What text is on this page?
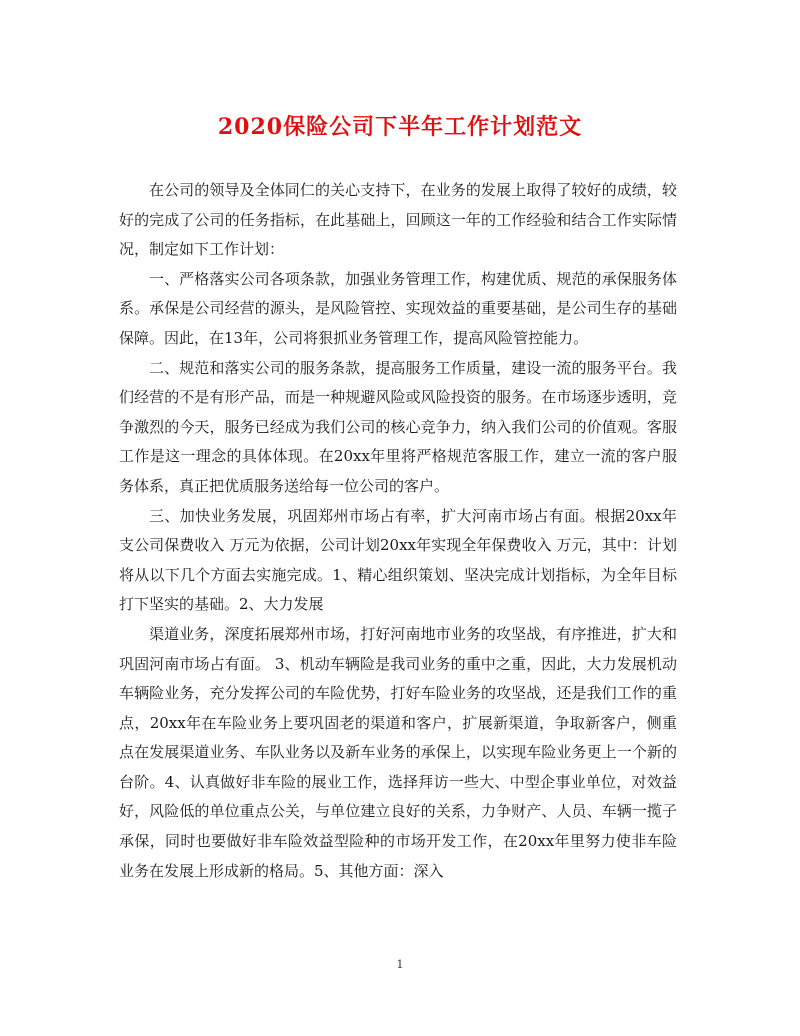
2020保险公司下半年工作计划范文

在公司的领导及全体同仁的关心支持下，在业务的发展上取得了较好的成绩，较好的完成了公司的任务指标，在此基础上，回顾这一年的工作经验和结合工作实际情况，制定如下工作计划：

一、严格落实公司各项条款，加强业务管理工作，构建优质、规范的承保服务体系。承保是公司经营的源头，是风险管控、实现效益的重要基础，是公司生存的基础保障。因此，在13年，公司将狠抓业务管理工作，提高风险管控能力。

二、规范和落实公司的服务条款，提高服务工作质量，建设一流的服务平台。我们经营的不是有形产品，而是一种规避风险或风险投资的服务。在市场逐步透明，竞争激烈的今天，服务已经成为我们公司的核心竞争力，纳入我们公司的价值观。客服工作是这一理念的具体体现。在20xx年里将严格规范客服工作，建立一流的客户服务体系，真正把优质服务送给每一位公司的客户。

三、加快业务发展，巩固郑州市场占有率，扩大河南市场占有面。根据20xx年支公司保费收入 万元为依据，公司计划20xx年实现全年保费收入 万元，其中：计划将从以下几个方面去实施完成。1、精心组织策划、坚决完成计划指标，为全年目标打下坚实的基础。2、大力发展

渠道业务，深度拓展郑州市场，打好河南地市业务的攻坚战，有序推进，扩大和巩固河南市场占有面。 3、机动车辆险是我司业务的重中之重，因此，大力发展机动车辆险业务，充分发挥公司的车险优势，打好车险业务的攻坚战，还是我们工作的重点，20xx年在车险业务上要巩固老的渠道和客户，扩展新渠道，争取新客户，侧重点在发展渠道业务、车队业务以及新车业务的承保上，以实现车险业务更上一个新的台阶。4、认真做好非车险的展业工作，选择拜访一些大、中型企事业单位，对效益好，风险低的单位重点公关，与单位建立良好的关系，力争财产、人员、车辆一揽子承保，同时也要做好非车险效益型险种的市场开发工作，在20xx年里努力使非车险业务在发展上形成新的格局。5、其他方面：深入

1
